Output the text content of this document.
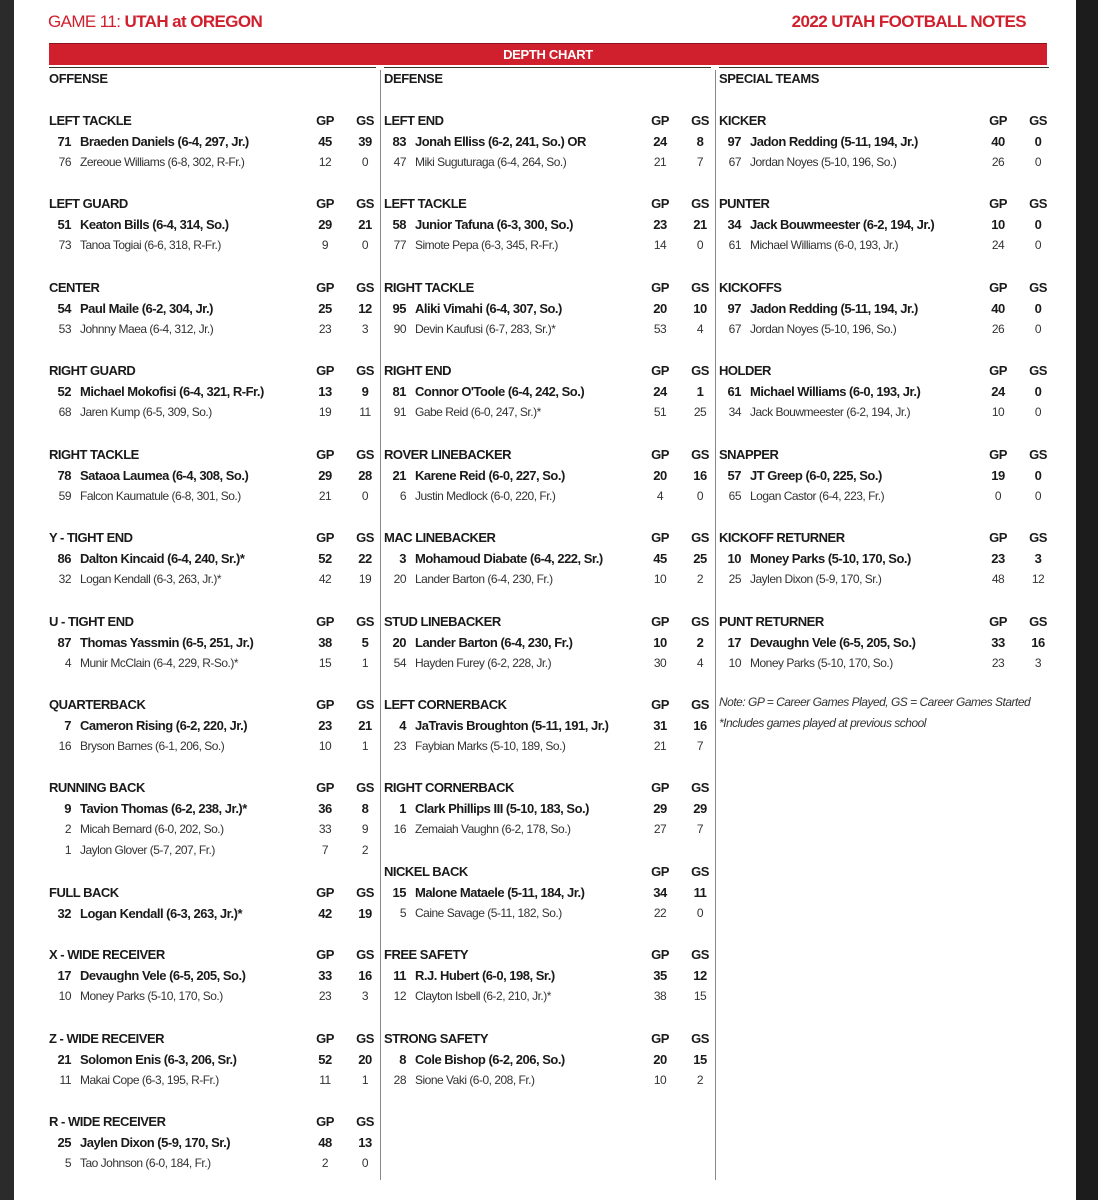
GAME 11: UTAH at OREGON	2022 UTAH FOOTBALL NOTES
DEPTH CHART
OFFENSE
LEFT TACKLE	GP GS
71 Braeden Daniels (6-4, 297, Jr.)	45	39
76 Zereoue Williams (6-8, 302, R-Fr.)	12	0
LEFT GUARD	GP GS
51 Keaton Bills (6-4, 314, So.)	29	21
73 Tanoa Togiai (6-6, 318, R-Fr.)	9	0
CENTER	GP GS
54 Paul Maile (6-2, 304, Jr.)	25	12
53 Johnny Maea (6-4, 312, Jr.)	23	3
RIGHT GUARD	GP GS
52 Michael Mokofisi (6-4, 321, R-Fr.)	13	9
68 Jaren Kump (6-5, 309, So.)	19	11
RIGHT TACKLE	GP GS
78 Sataoa Laumea (6-4, 308, So.)	29	28
59 Falcon Kaumatule (6-8, 301, So.)	21	0
Y - TIGHT END	GP GS
86 Dalton Kincaid (6-4, 240, Sr.)*	52	22
32 Logan Kendall (6-3, 263, Jr.)*	42	19
U - TIGHT END	GP GS
87 Thomas Yassmin (6-5, 251, Jr.)	38	5
4 Munir McClain (6-4, 229, R-So.)*	15	1
QUARTERBACK	GP GS
7 Cameron Rising (6-2, 220, Jr.)	23	21
16 Bryson Barnes (6-1, 206, So.)	10	1
RUNNING BACK	GP GS
9 Tavion Thomas (6-2, 238, Jr.)*	36	8
2 Micah Bernard (6-0, 202, So.)	33	9
1 Jaylon Glover (5-7, 207, Fr.)	7	2
FULL BACK	GP GS
32 Logan Kendall (6-3, 263, Jr.)*	42	19
X - WIDE RECEIVER	GP GS
17 Devaughn Vele (6-5, 205, So.)	33	16
10 Money Parks (5-10, 170, So.)	23	3
Z - WIDE RECEIVER	GP GS
21 Solomon Enis (6-3, 206, Sr.)	52	20
11 Makai Cope (6-3, 195, R-Fr.)	11	1
R - WIDE RECEIVER	GP GS
25 Jaylen Dixon (5-9, 170, Sr.)	48	13
5 Tao Johnson (6-0, 184, Fr.)	2	0
DEFENSE
LEFT END	GP GS
83 Jonah Elliss (6-2, 241, So.) OR	24	8
47 Miki Suguturaga (6-4, 264, So.)	21	7
LEFT TACKLE	GP GS
58 Junior Tafuna (6-3, 300, So.)	23	21
77 Simote Pepa (6-3, 345, R-Fr.)	14	0
RIGHT TACKLE	GP GS
95 Aliki Vimahi (6-4, 307, So.)	20	10
90 Devin Kaufusi (6-7, 283, Sr.)*	53	4
RIGHT END	GP GS
81 Connor O'Toole (6-4, 242, So.)	24	1
91 Gabe Reid (6-0, 247, Sr.)*	51	25
ROVER LINEBACKER	GP GS
21 Karene Reid (6-0, 227, So.)	20	16
6 Justin Medlock (6-0, 220, Fr.)	4	0
MAC LINEBACKER	GP GS
3 Mohamoud Diabate (6-4, 222, Sr.)	45	25
20 Lander Barton (6-4, 230, Fr.)	10	2
STUD LINEBACKER	GP GS
20 Lander Barton (6-4, 230, Fr.)	10	2
54 Hayden Furey (6-2, 228, Jr.)	30	4
LEFT CORNERBACK	GP GS
4 JaTravis Broughton (5-11, 191, Jr.)	31	16
23 Faybian Marks (5-10, 189, So.)	21	7
RIGHT CORNERBACK	GP GS
1 Clark Phillips III (5-10, 183, So.)	29	29
16 Zemaiah Vaughn (6-2, 178, So.)	27	7
NICKEL BACK	GP GS
15 Malone Mataele (5-11, 184, Jr.)	34	11
5 Caine Savage (5-11, 182, So.)	22	0
FREE SAFETY	GP GS
11 R.J. Hubert (6-0, 198, Sr.)	35	12
12 Clayton Isbell (6-2, 210, Jr.)*	38	15
STRONG SAFETY	GP GS
8 Cole Bishop (6-2, 206, So.)	20	15
28 Sione Vaki (6-0, 208, Fr.)	10	2
SPECIAL TEAMS
KICKER	GP GS
97 Jadon Redding (5-11, 194, Jr.)	40	0
67 Jordan Noyes (5-10, 196, So.)	26	0
PUNTER	GP GS
34 Jack Bouwmeester (6-2, 194, Jr.)	10	0
61 Michael Williams (6-0, 193, Jr.)	24	0
KICKOFFS	GP GS
97 Jadon Redding (5-11, 194, Jr.)	40	0
67 Jordan Noyes (5-10, 196, So.)	26	0
HOLDER	GP GS
61 Michael Williams (6-0, 193, Jr.)	24	0
34 Jack Bouwmeester (6-2, 194, Jr.)	10	0
SNAPPER	GP GS
57 JT Greep (6-0, 225, So.)	19	0
65 Logan Castor (6-4, 223, Fr.)	0	0
KICKOFF RETURNER	GP GS
10 Money Parks (5-10, 170, So.)	23	3
25 Jaylen Dixon (5-9, 170, Sr.)	48	12
PUNT RETURNER	GP GS
17 Devaughn Vele (6-5, 205, So.)	33	16
10 Money Parks (5-10, 170, So.)	23	3
Note: GP = Career Games Played, GS = Career Games Started
*Includes games played at previous school
